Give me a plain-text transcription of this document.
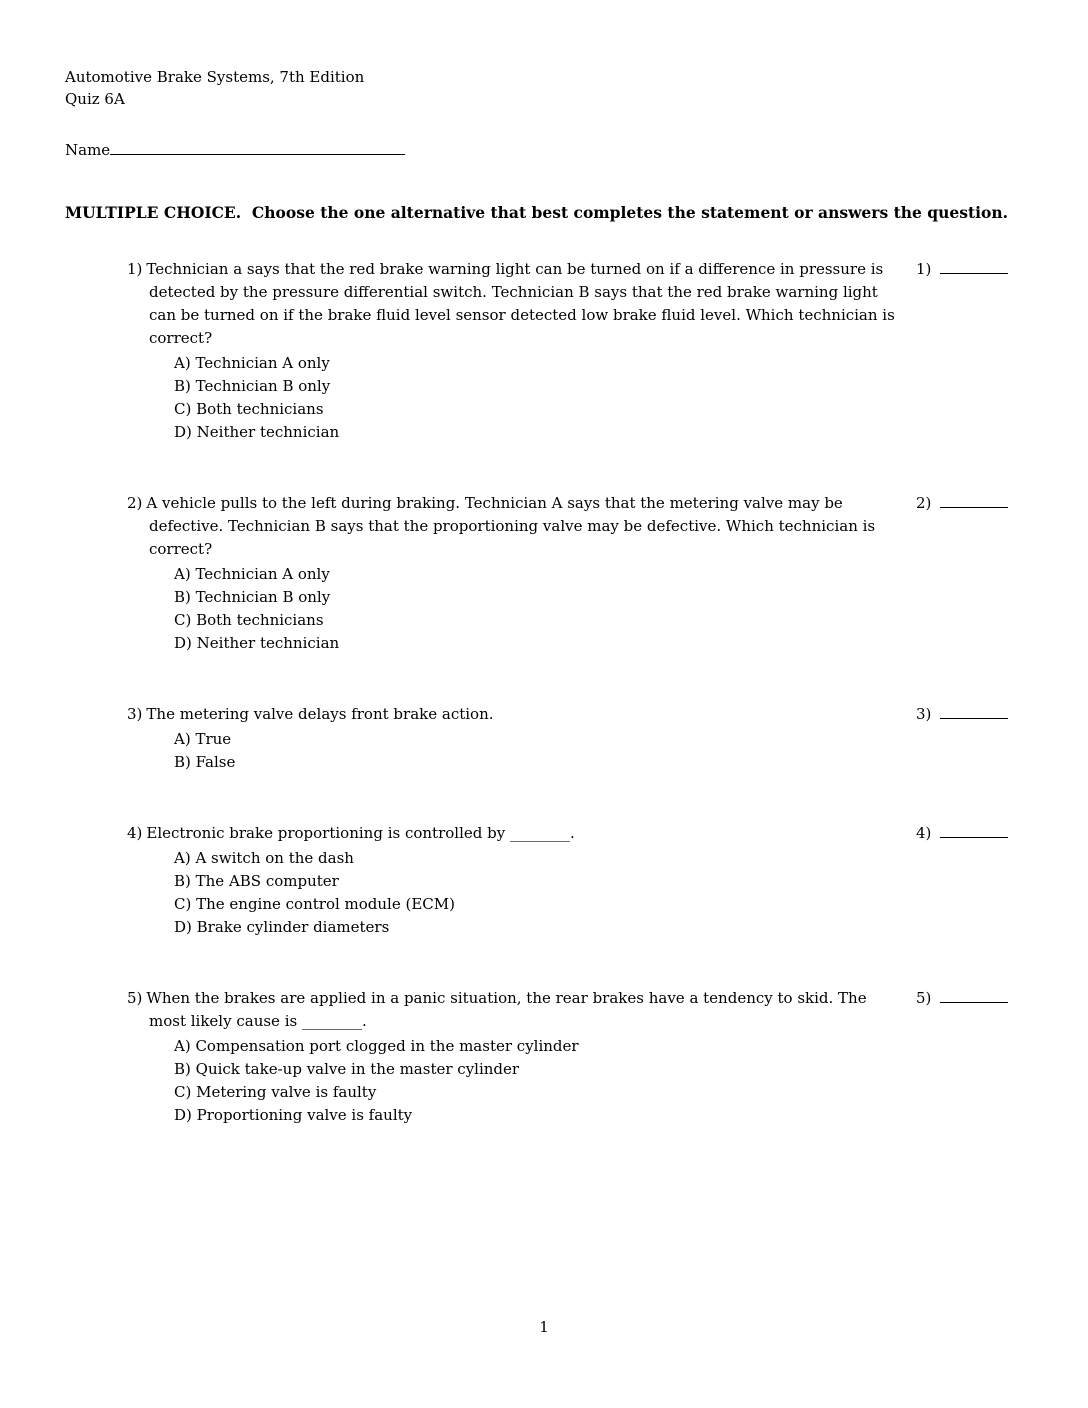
Automotive Brake Systems, 7th Edition
Quiz 6A
Name
MULTIPLE CHOICE.  Choose the one alternative that best completes the statement or answers the question.
1) Technician a says that the red brake warning light can be turned on if a difference in pressure is detected by the pressure differential switch. Technician B says that the red brake warning light can be turned on if the brake fluid level sensor detected low brake fluid level. Which technician is correct?
A) Technician A only
B) Technician B only
C) Both technicians
D) Neither technician
1)
2) A vehicle pulls to the left during braking. Technician A says that the metering valve may be defective. Technician B says that the proportioning valve may be defective. Which technician is correct?
A) Technician A only
B) Technician B only
C) Both technicians
D) Neither technician
2)
3) The metering valve delays front brake action.
A) True
B) False
3)
4) Electronic brake proportioning is controlled by ________.
A) A switch on the dash
B) The ABS computer
C) The engine control module (ECM)
D) Brake cylinder diameters
4)
5) When the brakes are applied in a panic situation, the rear brakes have a tendency to skid. The most likely cause is ________.
A) Compensation port clogged in the master cylinder
B) Quick take-up valve in the master cylinder
C) Metering valve is faulty
D) Proportioning valve is faulty
5)
1
